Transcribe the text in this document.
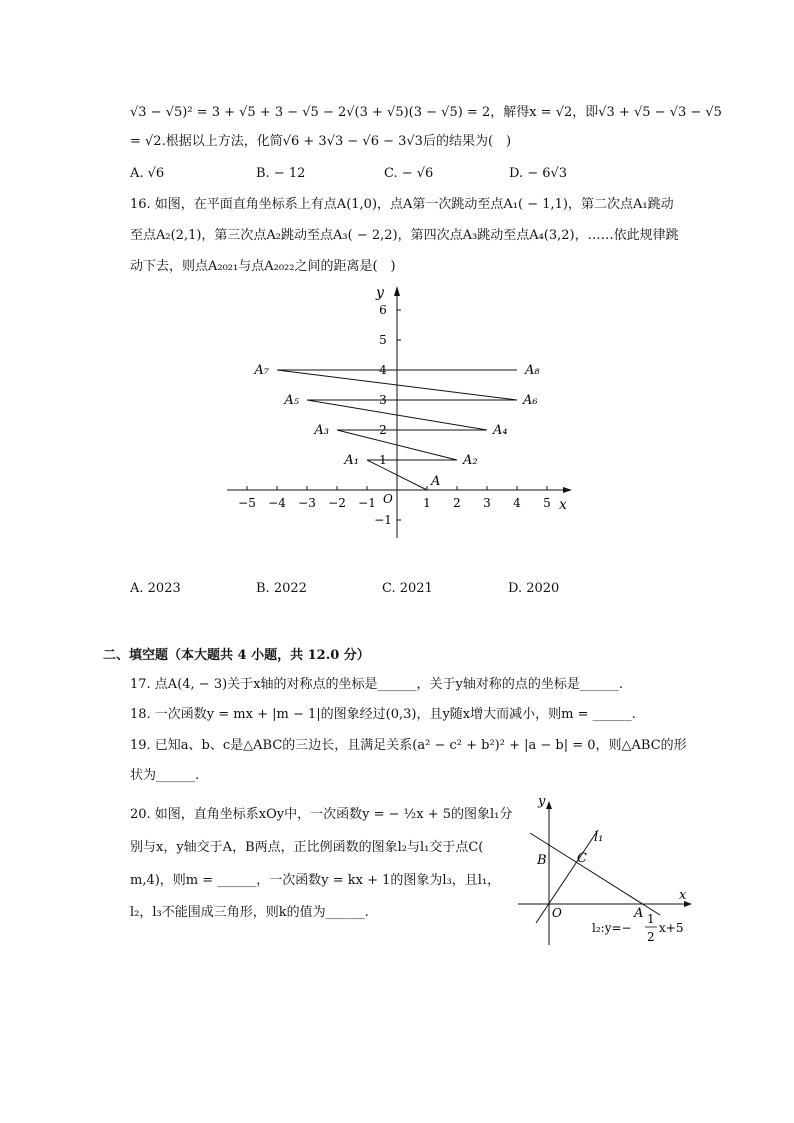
√3 − √5)² = 3 + √5 + 3 − √5 − 2√(3 + √5)(3 − √5) = 2，解得x = √2，即√3 + √5 − √3 − √5
= √2.根据以上方法，化简√6 + 3√3 − √6 − 3√3后的结果为(　)
A. √6	B. − 12	C. − √6	D. − 6√3
16. 如图，在平面直角坐标系上有点A(1,0)，点A第一次跳动至点A₁( − 1,1)，第二次点A₁跳动
至点A₂(2,1)，第三次点A₂跳动至点A₃( − 2,2)，第四次点A₃跳动至点A₄(3,2)，……依此规律跳
动下去，则点A₂₀₂₁与点A₂₀₂₂之间的距离是(　)
y
x
O
−5 −4 −3 −2 −1	1 2 3 4 5
6
5
4
3
2
1
−1
A
A₁	A₂
A₃	A₄
A₅	A₆
A₇	A₈
A. 2023	B. 2022	C. 2021	D. 2020
二、填空题（本大题共 4 小题，共 12.0 分）
17. 点A(4, − 3)关于x轴的对称点的坐标是______，关于y轴对称的点的坐标是______.
18. 一次函数y = mx + |m − 1|的图象经过(0,3)，且y随x增大而减小，则m = ______.
19. 已知a、b、c是△ABC的三边长，且满足关系(a² − c² + b²)² + |a − b| = 0，则△ABC的形
状为______.
20. 如图，直角坐标系xOy中，一次函数y = − ½x + 5的图象l₁分
别与x，y轴交于A，B两点，正比例函数的图象l₂与l₁交于点C(
m,4)，则m = ______，一次函数y = kx + 1的图象为l₃，且l₁，
l₂，l₃不能围成三角形，则k的值为______.
y
x
O
B C
A
l₁
l₂:y=−
1
2
x+5
